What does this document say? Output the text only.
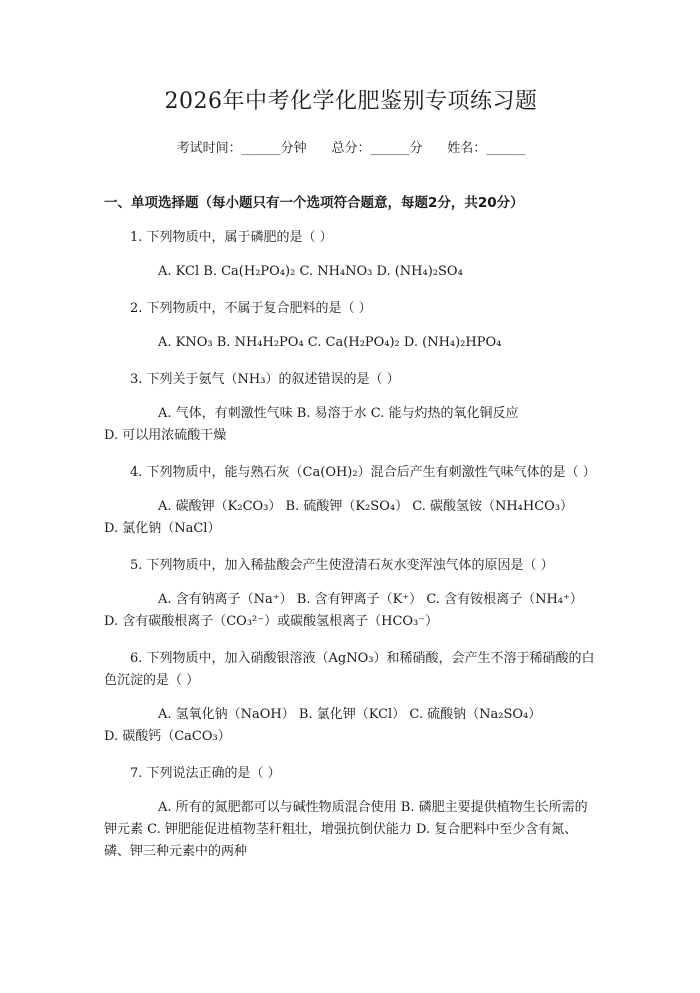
2026年中考化学化肥鉴别专项练习题
考试时间：______分钟 总分：______分 姓名：______
一、单项选择题（每小题只有一个选项符合题意，每题2分，共20分）
1. 下列物质中，属于磷肥的是（ ）
A. KCl B. Ca(H₂PO₄)₂ C. NH₄NO₃ D. (NH₄)₂SO₄
2. 下列物质中，不属于复合肥料的是（ ）
A. KNO₃ B. NH₄H₂PO₄ C. Ca(H₂PO₄)₂ D. (NH₄)₂HPO₄
3. 下列关于氨气（NH₃）的叙述错误的是（ ）
A. 气体，有刺激性气味 B. 易溶于水 C. 能与灼热的氧化铜反应 D. 可以用浓硫酸干燥
4. 下列物质中，能与熟石灰（Ca(OH)₂）混合后产生有刺激性气味气体的是（ ）
A. 碳酸钾（K₂CO₃） B. 硫酸钾（K₂SO₄） C. 碳酸氢铵（NH₄HCO₃） D. 氯化钠（NaCl）
5. 下列物质中，加入稀盐酸会产生使澄清石灰水变浑浊气体的原因是（ ）
A. 含有钠离子（Na⁺） B. 含有钾离子（K⁺） C. 含有铵根离子（NH₄⁺） D. 含有碳酸根离子（CO₃²⁻）或碳酸氢根离子（HCO₃⁻）
6. 下列物质中，加入硝酸银溶液（AgNO₃）和稀硝酸，会产生不溶于稀硝酸的白色沉淀的是（ ）
A. 氢氧化钠（NaOH） B. 氯化钾（KCl） C. 硫酸钠（Na₂SO₄） D. 碳酸钙（CaCO₃）
7. 下列说法正确的是（ ）
A. 所有的氮肥都可以与碱性物质混合使用 B. 磷肥主要提供植物生长所需的钾元素 C. 钾肥能促进植物茎秆粗壮，增强抗倒伏能力 D. 复合肥料中至少含有氮、磷、钾三种元素中的两种
